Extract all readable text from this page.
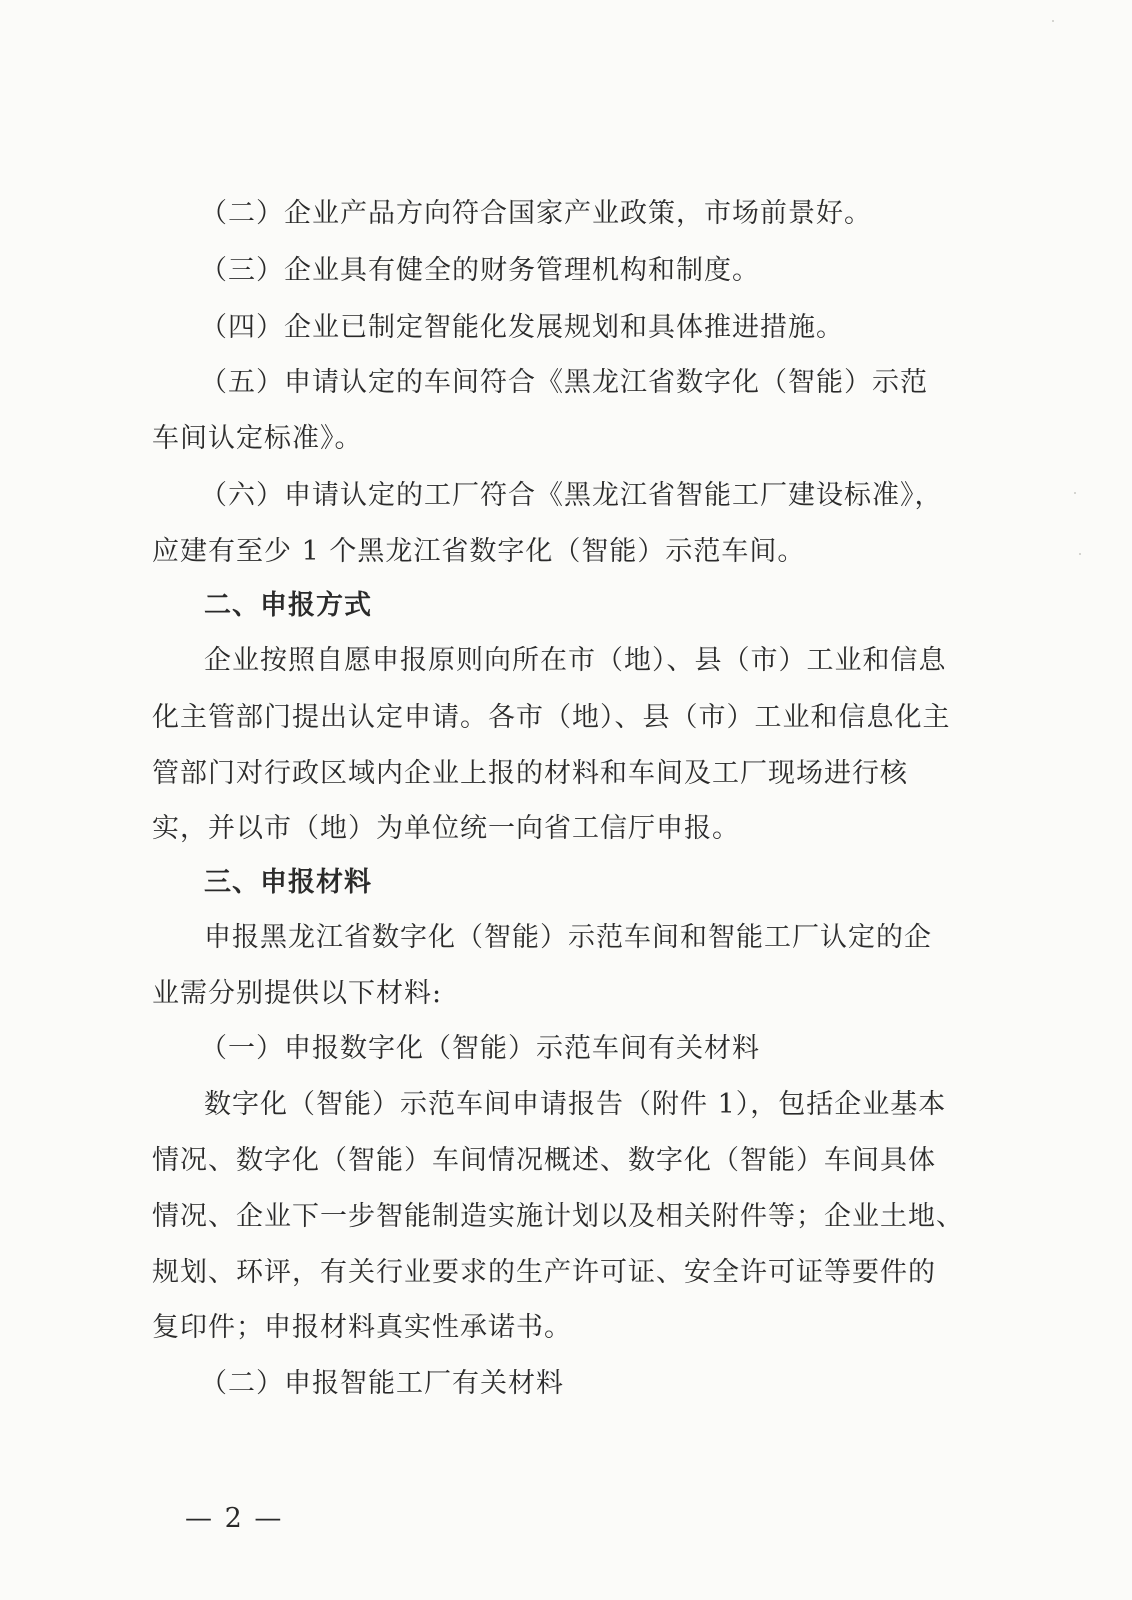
（二）企业产品方向符合国家产业政策，市场前景好。
（三）企业具有健全的财务管理机构和制度。
（四）企业已制定智能化发展规划和具体推进措施。
（五）申请认定的车间符合《黑龙江省数字化（智能）示范
车间认定标准》。
（六）申请认定的工厂符合《黑龙江省智能工厂建设标准》，
应建有至少 1 个黑龙江省数字化（智能）示范车间。
二、申报方式
企业按照自愿申报原则向所在市（地）、县（市）工业和信息
化主管部门提出认定申请。各市（地）、县（市）工业和信息化主
管部门对行政区域内企业上报的材料和车间及工厂现场进行核
实，并以市（地）为单位统一向省工信厅申报。
三、申报材料
申报黑龙江省数字化（智能）示范车间和智能工厂认定的企
业需分别提供以下材料:
（一）申报数字化（智能）示范车间有关材料
数字化（智能）示范车间申请报告（附件 1），包括企业基本
情况、数字化（智能）车间情况概述、数字化（智能）车间具体
情况、企业下一步智能制造实施计划以及相关附件等；企业土地、
规划、环评，有关行业要求的生产许可证、安全许可证等要件的
复印件；申报材料真实性承诺书。
（二）申报智能工厂有关材料
— 2 —
